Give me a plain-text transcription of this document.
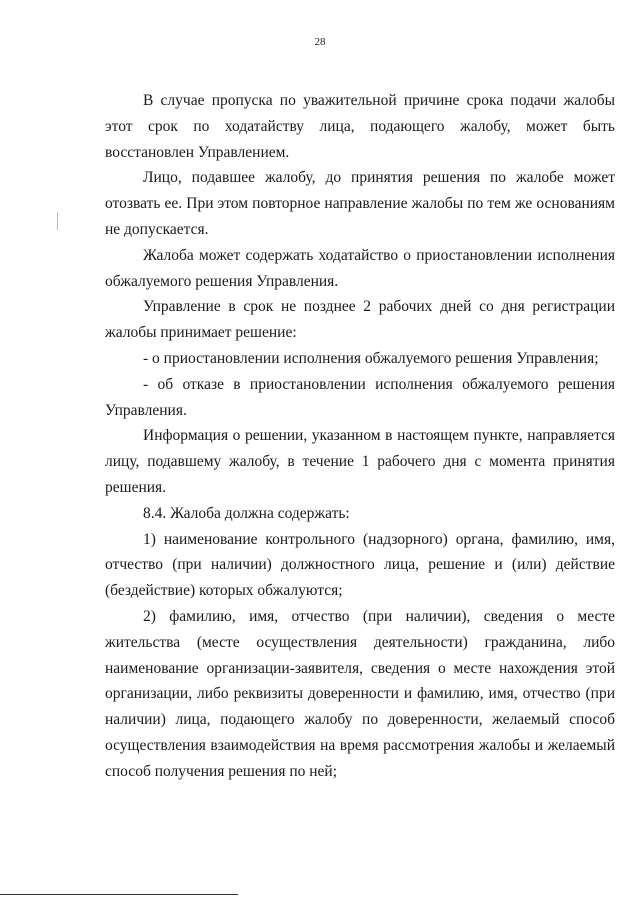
28

В случае пропуска по уважительной причине срока подачи жалобы этот срок по ходатайству лица, подающего жалобу, может быть восстановлен Управлением.

Лицо, подавшее жалобу, до принятия решения по жалобе может отозвать ее. При этом повторное направление жалобы по тем же основаниям не допускается.

Жалоба может содержать ходатайство о приостановлении исполнения обжалуемого решения Управления.

Управление в срок не позднее 2 рабочих дней со дня регистрации жалобы принимает решение:

- о приостановлении исполнения обжалуемого решения Управления;

- об отказе в приостановлении исполнения обжалуемого решения Управления.

Информация о решении, указанном в настоящем пункте, направляется лицу, подавшему жалобу, в течение 1 рабочего дня с момента принятия решения.

8.4. Жалоба должна содержать:

1) наименование контрольного (надзорного) органа, фамилию, имя, отчество (при наличии) должностного лица, решение и (или) действие (бездействие) которых обжалуются;

2) фамилию, имя, отчество (при наличии), сведения о месте жительства (месте осуществления деятельности) гражданина, либо наименование организации-заявителя, сведения о месте нахождения этой организации, либо реквизиты доверенности и фамилию, имя, отчество (при наличии) лица, подающего жалобу по доверенности, желаемый способ осуществления взаимодействия на время рассмотрения жалобы и желаемый способ получения решения по ней;
